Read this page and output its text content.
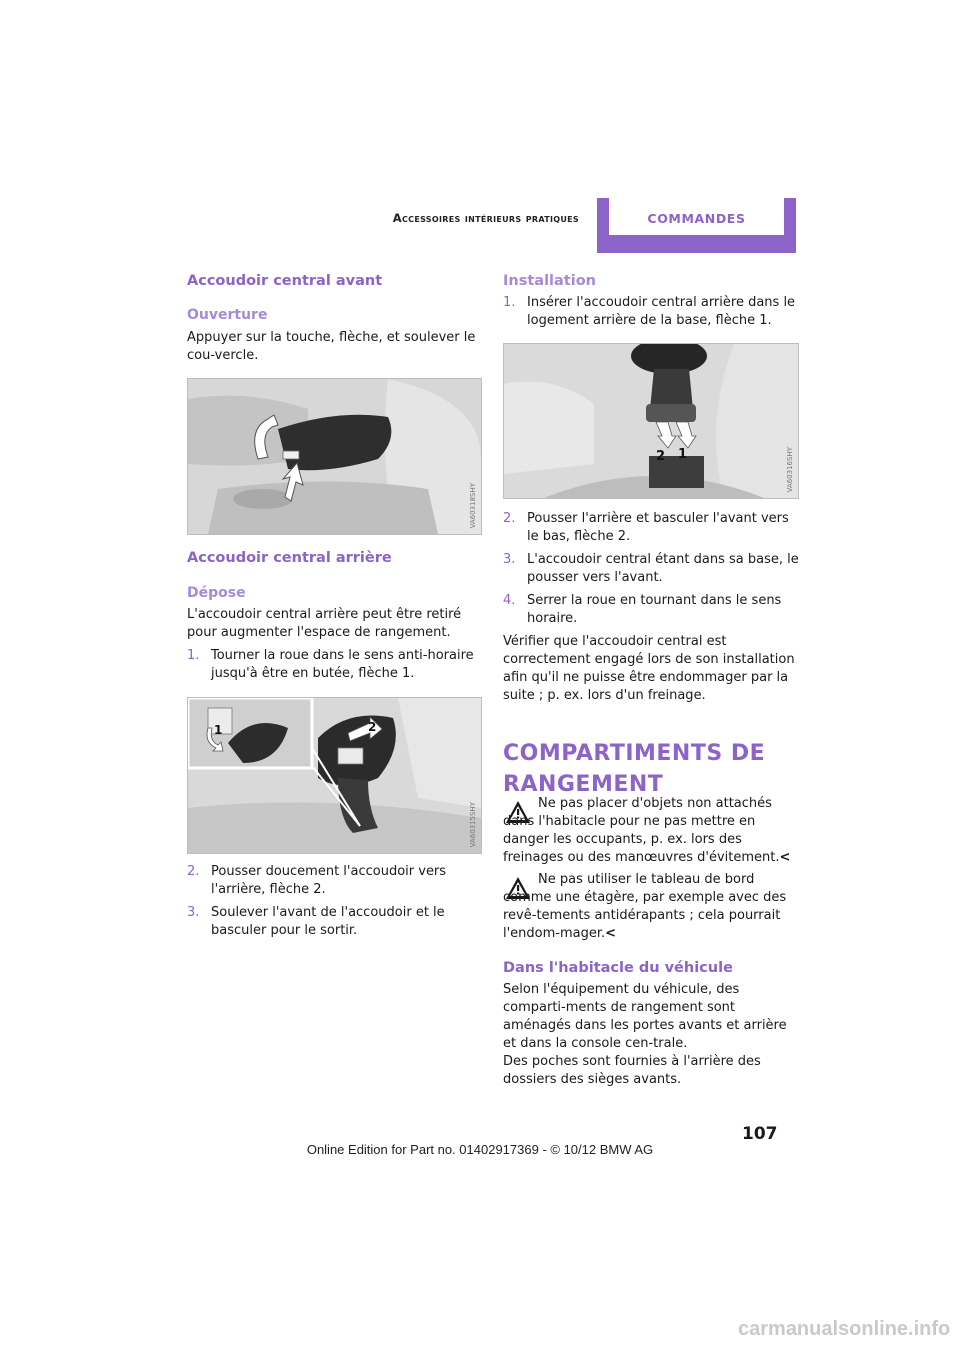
Accessoires intérieurs pratiques	COMMANDES
Accoudoir central avant
Ouverture

Appuyer sur la touche, flèche, et soulever le cou-vercle.

VA60318SHY
Accoudoir central arrière
Dépose

L'accoudoir central arrière peut être retiré pour augmenter l'espace de rangement.

1. Tourner la roue dans le sens anti-horaire jusqu'à être en butée, flèche 1.
1	2
VA60315SHY
2. Pousser doucement l'accoudoir vers l'arrière, flèche 2.
3. Soulever l'avant de l'accoudoir et le basculer pour le sortir.
Installation
1. Insérer l'accoudoir central arrière dans le logement arrière de la base, flèche 1.
2 1	VA60316SHY
2. Pousser l'arrière et basculer l'avant vers le bas, flèche 2.
3. L'accoudoir central étant dans sa base, le pousser vers l'avant.
4. Serrer la roue en tournant dans le sens horaire.

Vérifier que l'accoudoir central est correctement engagé lors de son installation afin qu'il ne puisse être endommager par la suite ; p. ex. lors d'un freinage.

COMPARTIMENTS DE
RANGEMENT

Ne pas placer d'objets non attachés dans l'habitacle pour ne pas mettre en danger les occupants, p. ex. lors des freinages ou des manœuvres d'évitement.<

Ne pas utiliser le tableau de bord comme une étagère, par exemple avec des revê-tements antidérapants ; cela pourrait l'endom-mager.<

Dans l'habitacle du véhicule

Selon l'équipement du véhicule, des comparti-ments de rangement sont aménagés dans les portes avants et arrière et dans la console cen-trale.

Des poches sont fournies à l'arrière des dossiers des sièges avants.

107
Online Edition for Part no. 01402917369 - © 10/12 BMW AG
carmanualsonline.info
